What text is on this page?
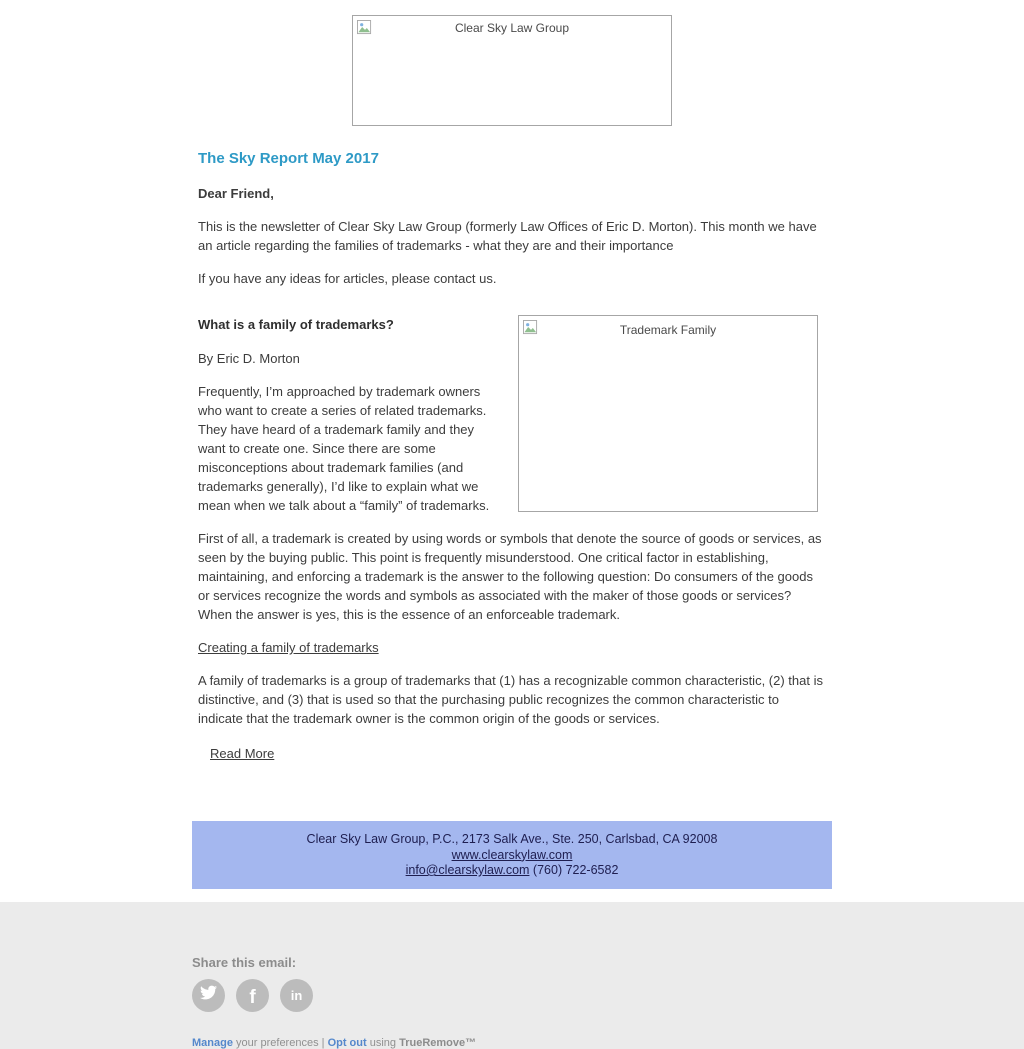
Clear Sky Law Group
The Sky Report May 2017

Dear Friend,

This is the newsletter of Clear Sky Law Group (formerly Law Offices of Eric D. Morton). This month we have an article regarding the families of trademarks - what they are and their importance

If you have any ideas for articles, please contact us.

Trademark Family
What is a family of trademarks?

By Eric D. Morton

Frequently, I’m approached by trademark owners who want to create a series of related trademarks. They have heard of a trademark family and they want to create one. Since there are some misconceptions about trademark families (and trademarks generally), I’d like to explain what we mean when we talk about a “family” of trademarks.

First of all, a trademark is created by using words or symbols that denote the source of goods or services, as seen by the buying public. This point is frequently misunderstood. One critical factor in establishing, maintaining, and enforcing a trademark is the answer to the following question: Do consumers of the goods or services recognize the words and symbols as associated with the maker of those goods or services? When the answer is yes, this is the essence of an enforceable trademark.

Creating a family of trademarks

A family of trademarks is a group of trademarks that (1) has a recognizable common characteristic, (2) that is distinctive, and (3) that is used so that the purchasing public recognizes the common characteristic to indicate that the trademark owner is the common origin of the goods or services.

Read More

Clear Sky Law Group, P.C., 2173 Salk Ave., Ste. 250, Carlsbad, CA 92008
www.clearskylaw.com
info@clearskylaw.com (760) 722-6582

Share this email:

f	in

Manage your preferences | Opt out using TrueRemove™
